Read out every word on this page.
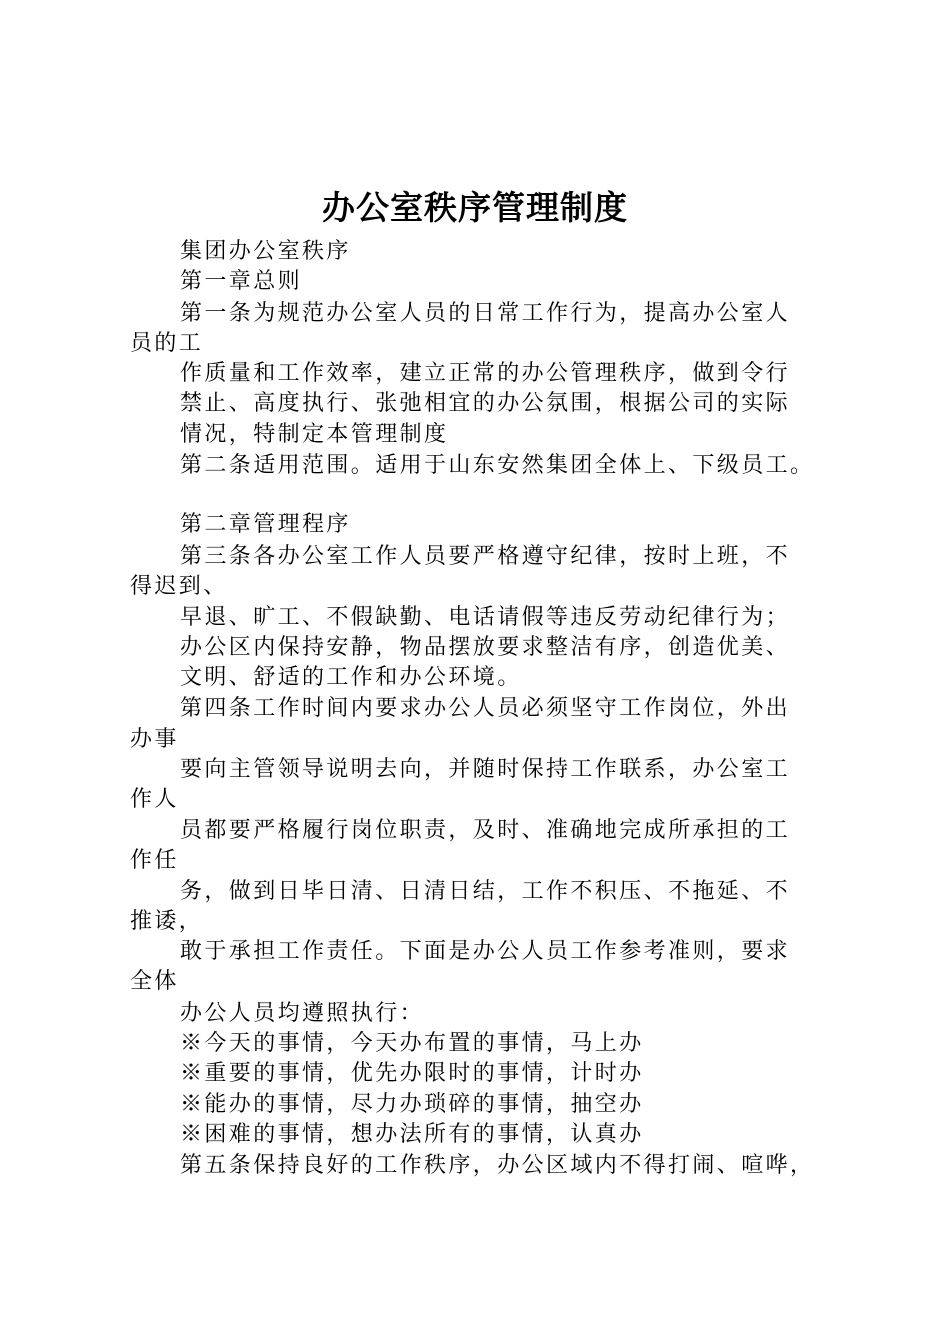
办公室秩序管理制度
集团办公室秩序
第一章总则
第一条为规范办公室人员的日常工作行为，提高办公室人
员的工
作质量和工作效率，建立正常的办公管理秩序，做到令行
禁止、高度执行、张弛相宜的办公氛围，根据公司的实际
情况，特制定本管理制度
第二条适用范围。适用于山东安然集团全体上、下级员工。
第二章管理程序
第三条各办公室工作人员要严格遵守纪律，按时上班，不
得迟到、
早退、旷工、不假缺勤、电话请假等违反劳动纪律行为；
办公区内保持安静，物品摆放要求整洁有序，创造优美、
文明、舒适的工作和办公环境。
第四条工作时间内要求办公人员必须坚守工作岗位，外出
办事
要向主管领导说明去向，并随时保持工作联系，办公室工
作人
员都要严格履行岗位职责，及时、准确地完成所承担的工
作任
务，做到日毕日清、日清日结，工作不积压、不拖延、不
推诿，
敢于承担工作责任。下面是办公人员工作参考准则，要求
全体
办公人员均遵照执行：
※今天的事情，今天办布置的事情，马上办
※重要的事情，优先办限时的事情，计时办
※能办的事情，尽力办琐碎的事情，抽空办
※困难的事情，想办法所有的事情，认真办
第五条保持良好的工作秩序，办公区域内不得打闹、喧哗，
